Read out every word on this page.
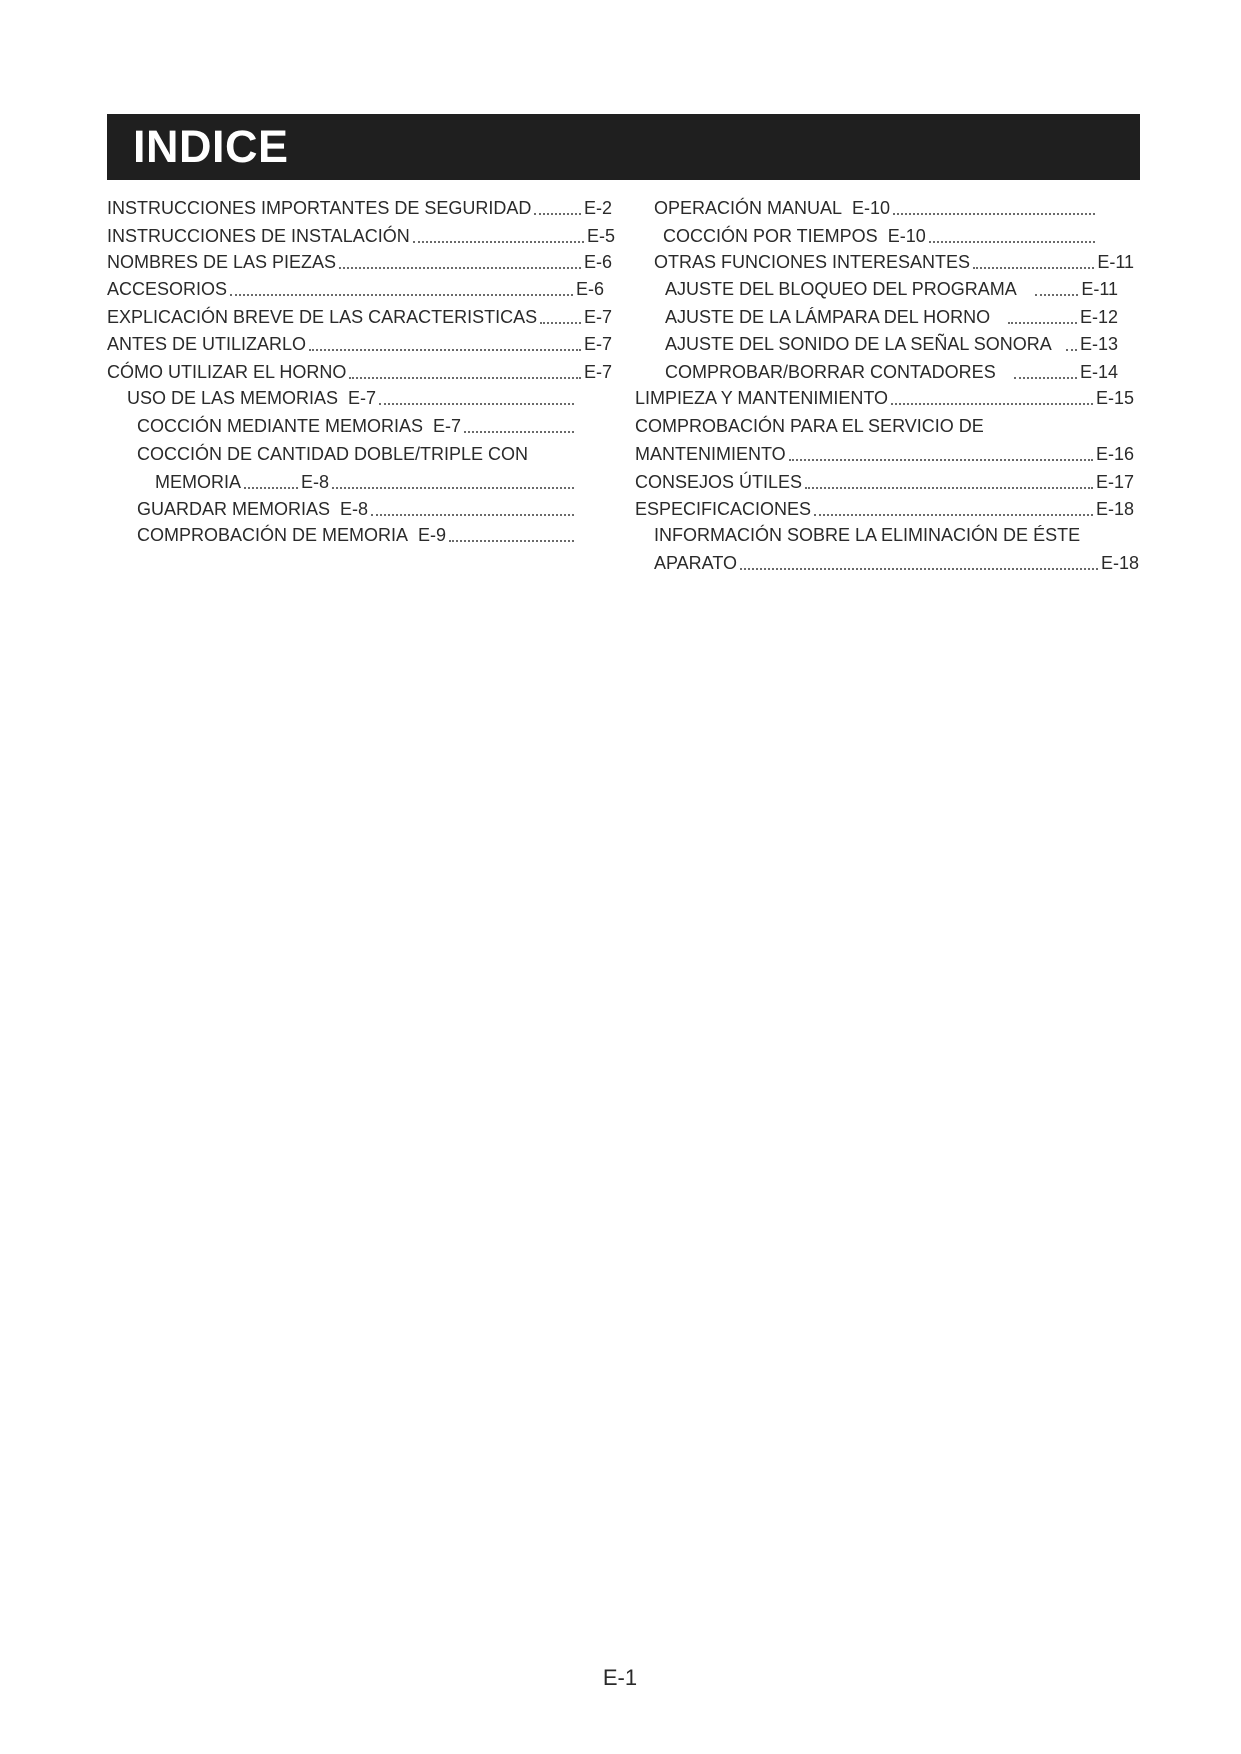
INDICE
INSTRUCCIONES IMPORTANTES DE SEGURIDAD	E-2
INSTRUCCIONES DE INSTALACIÓN	E-5
NOMBRES DE LAS PIEZAS	E-6
ACCESORIOS	E-6
EXPLICACIÓN BREVE DE LAS CARACTERISTICAS	E-7
ANTES DE UTILIZARLO	E-7
CÓMO UTILIZAR EL HORNO	E-7
USO DE LAS MEMORIAS E-7
COCCIÓN MEDIANTE MEMORIAS E-7
COCCIÓN DE CANTIDAD DOBLE/TRIPLE CON
MEMORIA	E-8
GUARDAR MEMORIAS E-8
COMPROBACIÓN DE MEMORIA E-9
OPERACIÓN MANUAL E-10
COCCIÓN POR TIEMPOS E-10
OTRAS FUNCIONES INTERESANTES	E-11
AJUSTE DEL BLOQUEO DEL PROGRAMA	E-11
AJUSTE DE LA LÁMPARA DEL HORNO	E-12
AJUSTE DEL SONIDO DE LA SEÑAL SONORA E-13
COMPROBAR/BORRAR CONTADORES	E-14
LIMPIEZA Y MANTENIMIENTO	E-15
COMPROBACIÓN PARA EL SERVICIO DE
MANTENIMIENTO	E-16
CONSEJOS ÚTILES	E-17
ESPECIFICACIONES	E-18
INFORMACIÓN SOBRE LA ELIMINACIÓN DE ÉSTE
APARATO	E-18
E-1
